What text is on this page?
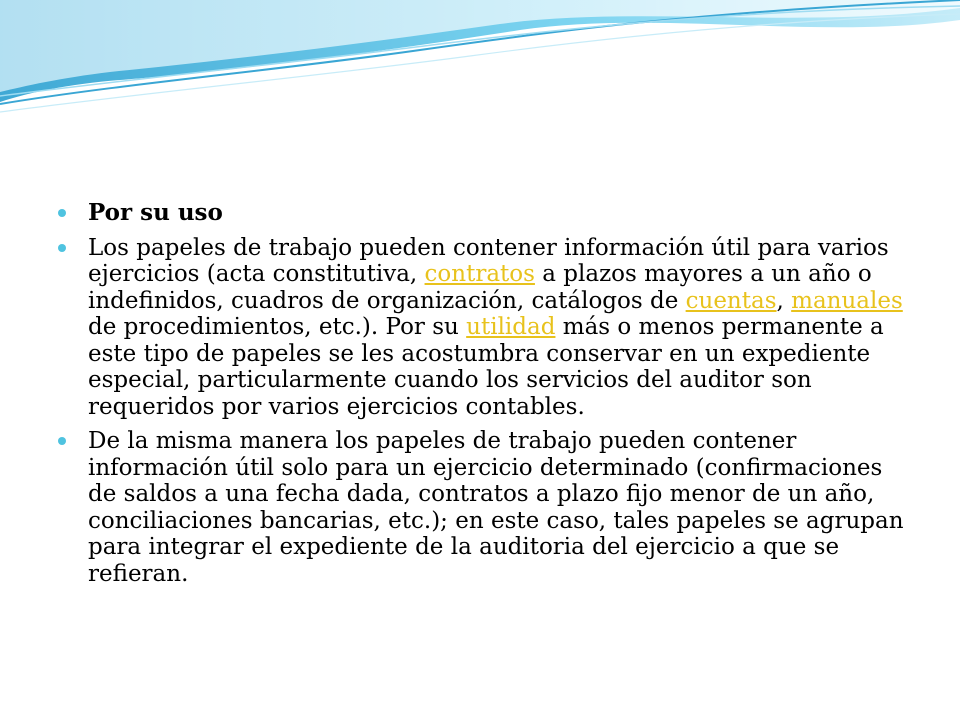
Por su uso
Los papeles de trabajo pueden contener información útil para varios ejercicios (acta constitutiva, contratos a plazos mayores a un año o indefinidos, cuadros de organización, catálogos de cuentas, manuales de procedimientos, etc.). Por su utilidad más o menos permanente a este tipo de papeles se les acostumbra conservar en un expediente especial, particularmente cuando los servicios del auditor son requeridos por varios ejercicios contables.
De la misma manera los papeles de trabajo pueden contener información útil solo para un ejercicio determinado (confirmaciones de saldos a una fecha dada, contratos a plazo fijo menor de un año, conciliaciones bancarias, etc.); en este caso, tales papeles se agrupan para integrar el expediente de la auditoria del ejercicio a que se refieran.
